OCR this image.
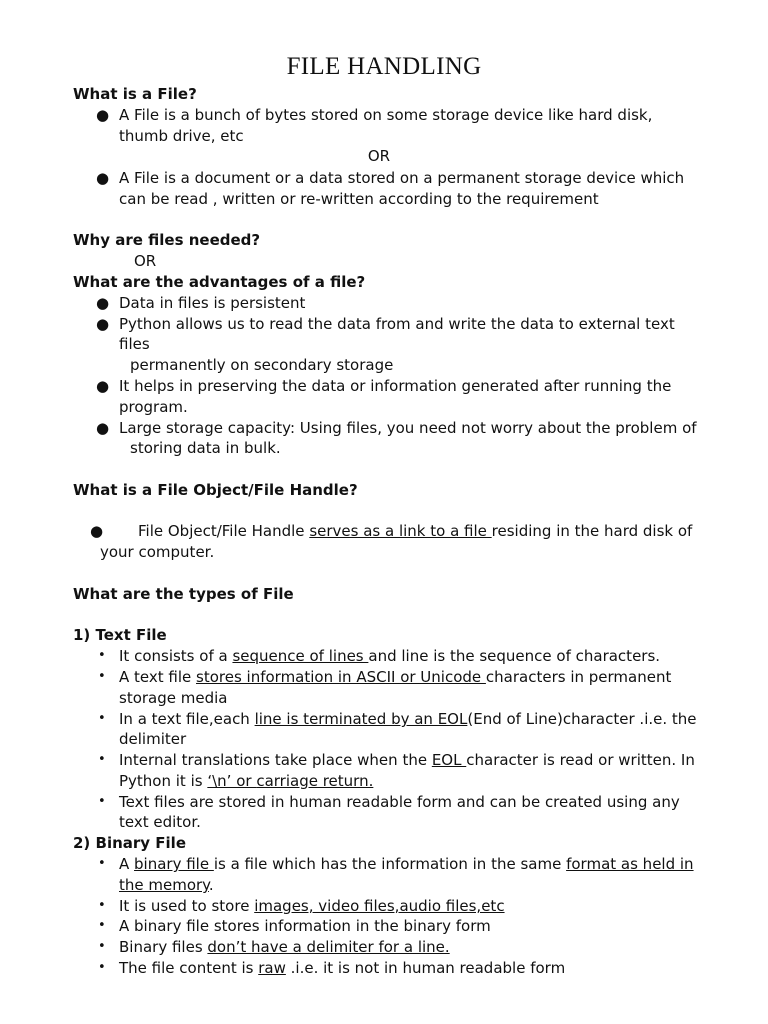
FILE HANDLING
What is a File?
● A File is a bunch of bytes stored on some storage device like hard disk,
thumb drive, etc
OR
● A File is a document or a data stored on a permanent storage device which
can be read , written or re-written according to the requirement
Why are files needed?
OR
What are the advantages of a file?
● Data in files is persistent
● Python allows us to read the data from and write the data to external text
files
permanently on secondary storage
● It helps in preserving the data or information generated after running the
program.
● Large storage capacity: Using files, you need not worry about the problem of
storing data in bulk.
What is a File Object/File Handle?
● File Object/File Handle serves as a link to a file residing in the hard disk of
your computer.
What are the types of File
1) Text File
• It consists of a sequence of lines and line is the sequence of characters.
• A text file stores information in ASCII or Unicode characters in permanent
storage media
• In a text file,each line is terminated by an EOL(End of Line)character .i.e. the
delimiter
• Internal translations take place when the EOL character is read or written. In
Python it is ‘\n’ or carriage return.
• Text files are stored in human readable form and can be created using any
text editor.
2) Binary File
• A binary file is a file which has the information in the same format as held in
the memory.
• It is used to store images, video files,audio files,etc
• A binary file stores information in the binary form
• Binary files don’t have a delimiter for a line.
• The file content is raw .i.e. it is not in human readable form
